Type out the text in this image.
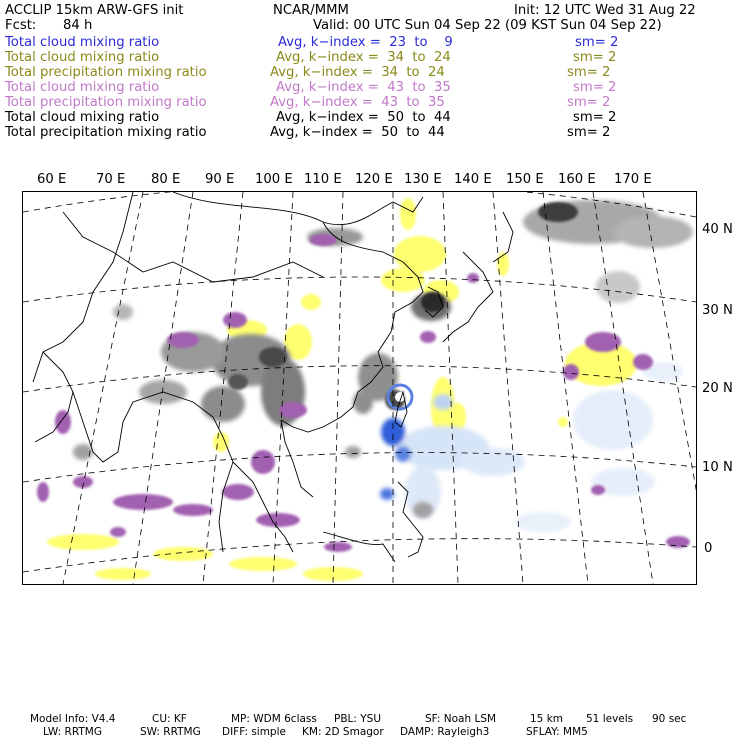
ACCLIP 15km ARW-GFS init	NCAR/MMM	Init: 12 UTC Wed 31 Aug 22
Fcst: 84 h	Valid: 00 UTC Sun 04 Sep 22 (09 KST Sun 04 Sep 22)
Total cloud mixing ratio	Avg, k−index =  23  to    9	sm= 2
Total cloud mixing ratio	Avg, k−index =  34  to  24	sm= 2
Total precipitation mixing ratio	Avg, k−index =  34  to  24	sm= 2
Total cloud mixing ratio	Avg, k−index =  43  to  35	sm= 2
Total precipitation mixing ratio	Avg, k−index =  43  to  35	sm= 2
Total cloud mixing ratio	Avg, k−index =  50  to  44	sm= 2
Total precipitation mixing ratio	Avg, k−index =  50  to  44	sm= 2
60 E 70 E 80 E 90 E 100 E 110 E 120 E 130 E 140 E 150 E 160 E 170 E
40 N
30 N
20 N
10 N
0
Model Info: V4.4	CU: KF	MP: WDM 6class PBL: YSU	SF: Noah LSM	15 km 51 levels 90 sec
LW: RRTMG	SW: RRTMG DIFF: simple KM: 2D Smagor DAMP: Rayleigh3	SFLAY: MM5
